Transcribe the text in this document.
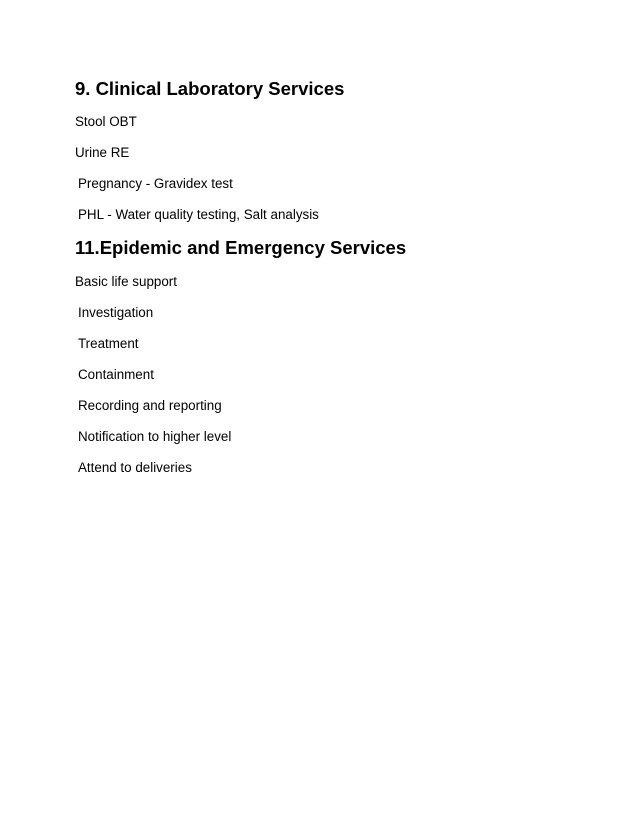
9. Clinical Laboratory Services

Stool OBT

Urine RE

Pregnancy - Gravidex test

PHL - Water quality testing, Salt analysis

11.Epidemic and Emergency Services

Basic life support

Investigation

Treatment

Containment

Recording and reporting

Notification to higher level

Attend to deliveries
